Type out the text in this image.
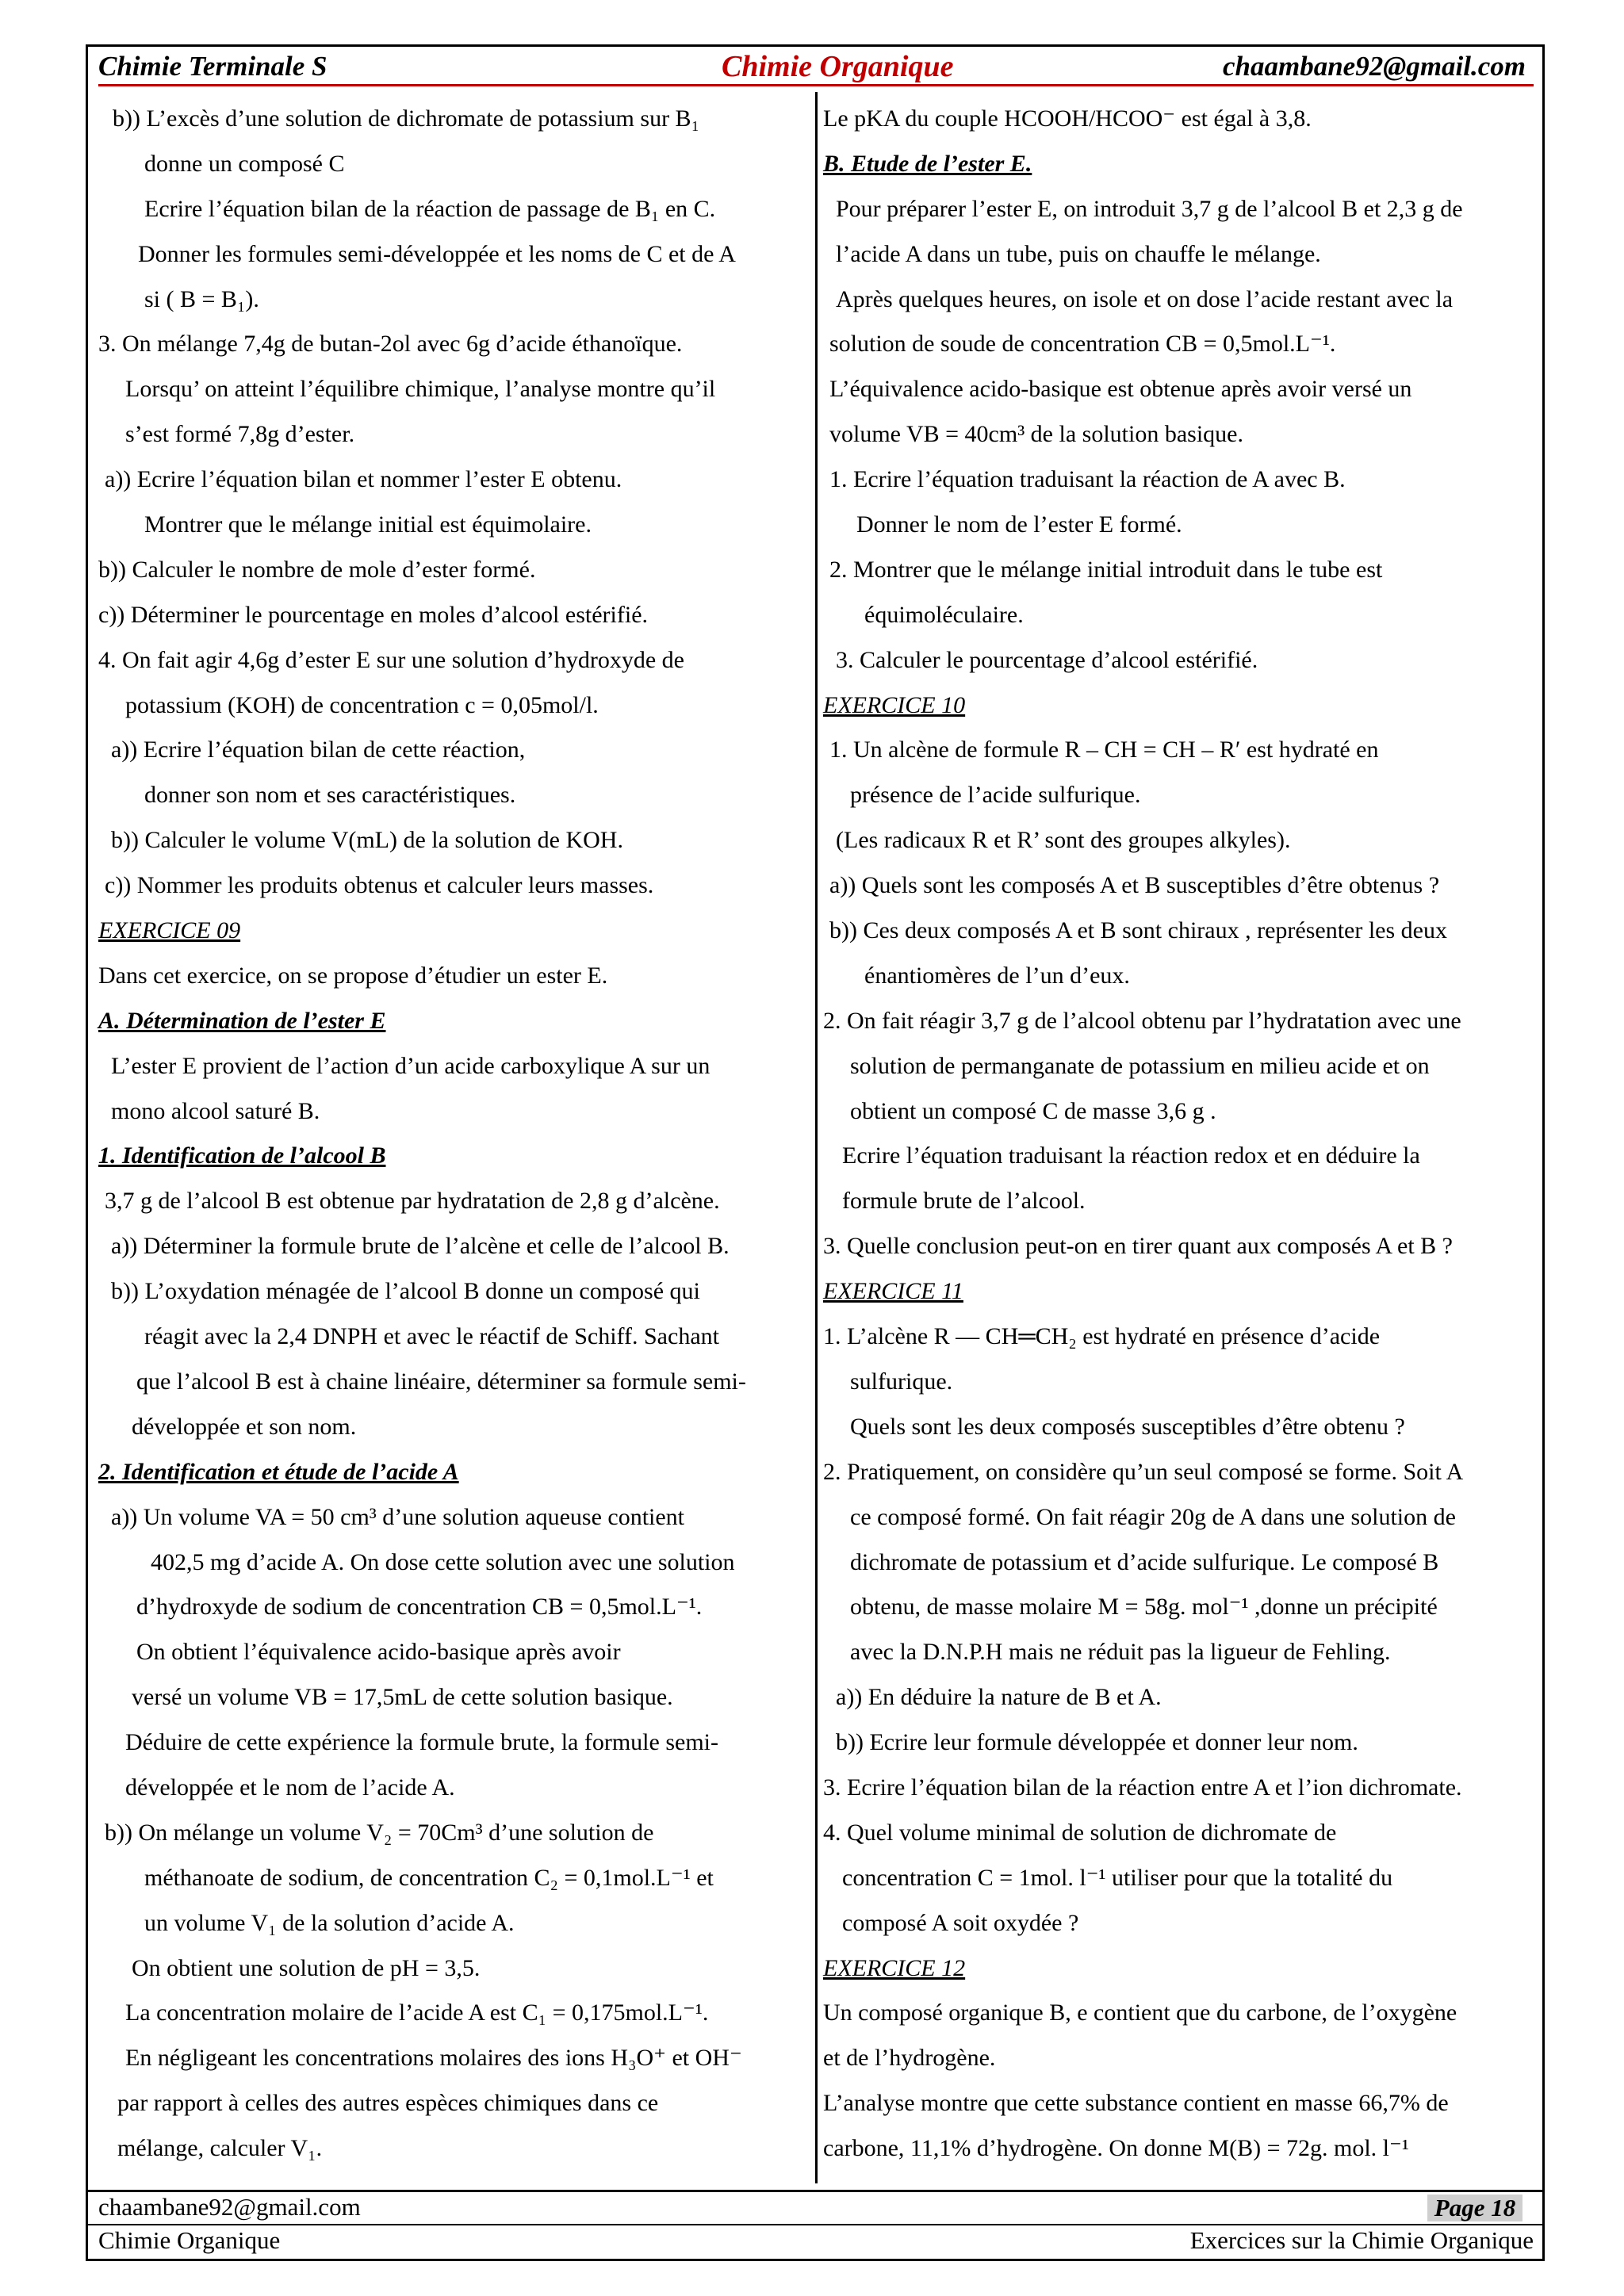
Chimie Terminale S	Chimie Organique	chaambane92@gmail.com
b)) L’excès d’une solution de dichromate de potassium sur B₁
donne un composé C
Ecrire l’équation bilan de la réaction de passage de B₁ en C.
Donner les formules semi-développée et les noms de C et de A
si ( B = B₁).
3. On mélange 7,4g de butan-2ol avec 6g d’acide éthanoïque.
Lorsqu’ on atteint l’équilibre chimique, l’analyse montre qu’il
s’est formé 7,8g d’ester.
a)) Ecrire l’équation bilan et nommer l’ester E obtenu.
Montrer que le mélange initial est équimolaire.
b)) Calculer le nombre de mole d’ester formé.
c)) Déterminer le pourcentage en moles d’alcool estérifié.
4. On fait agir 4,6g d’ester E sur une solution d’hydroxyde de
potassium (KOH) de concentration c = 0,05mol/l.
a)) Ecrire l’équation bilan de cette réaction,
donner son nom et ses caractéristiques.
b)) Calculer le volume V(mL) de la solution de KOH.
c)) Nommer les produits obtenus et calculer leurs masses.
EXERCICE 09
Dans cet exercice, on se propose d’étudier un ester E.
A. Détermination de l’ester E
L’ester E provient de l’action d’un acide carboxylique A sur un
mono alcool saturé B.
1. Identification de l’alcool B
3,7 g de l’alcool B est obtenue par hydratation de 2,8 g d’alcène.
a)) Déterminer la formule brute de l’alcène et celle de l’alcool B.
b)) L’oxydation ménagée de l’alcool B donne un composé qui
réagit avec la 2,4 DNPH et avec le réactif de Schiff. Sachant
que l’alcool B est à chaine linéaire, déterminer sa formule semi-
développée et son nom.
2. Identification et étude de l’acide A
a)) Un volume VA = 50 cm³ d’une solution aqueuse contient
402,5 mg d’acide A. On dose cette solution avec une solution
d’hydroxyde de sodium de concentration CB = 0,5mol.L⁻¹.
On obtient l’équivalence acido-basique après avoir
versé un volume VB = 17,5mL de cette solution basique.
Déduire de cette expérience la formule brute, la formule semi-
développée et le nom de l’acide A.
b)) On mélange un volume V₂ = 70Cm³ d’une solution de
méthanoate de sodium, de concentration C₂ = 0,1mol.L⁻¹ et
un volume V₁ de la solution d’acide A.
On obtient une solution de pH = 3,5.
La concentration molaire de l’acide A est C₁ = 0,175mol.L⁻¹.
En négligeant les concentrations molaires des ions H₃O⁺ et OH⁻
par rapport à celles des autres espèces chimiques dans ce
mélange, calculer V₁.
Le pKA du couple HCOOH/HCOO⁻ est égal à 3,8.
B. Etude de l’ester E.
Pour préparer l’ester E, on introduit 3,7 g de l’alcool B et 2,3 g de
l’acide A dans un tube, puis on chauffe le mélange.
Après quelques heures, on isole et on dose l’acide restant avec la
solution de soude de concentration CB = 0,5mol.L⁻¹.
L’équivalence acido-basique est obtenue après avoir versé un
volume VB = 40cm³ de la solution basique.
1. Ecrire l’équation traduisant la réaction de A avec B.
Donner le nom de l’ester E formé.
2. Montrer que le mélange initial introduit dans le tube est
équimoléculaire.
3. Calculer le pourcentage d’alcool estérifié.
EXERCICE 10
1. Un alcène de formule R – CH = CH – R′ est hydraté en
présence de l’acide sulfurique.
(Les radicaux R et R’ sont des groupes alkyles).
a)) Quels sont les composés A et B susceptibles d’être obtenus ?
b)) Ces deux composés A et B sont chiraux , représenter les deux
énantiomères de l’un d’eux.
2. On fait réagir 3,7 g de l’alcool obtenu par l’hydratation avec une
solution de permanganate de potassium en milieu acide et on
obtient un composé C de masse 3,6 g .
Ecrire l’équation traduisant la réaction redox et en déduire la
formule brute de l’alcool.
3. Quelle conclusion peut-on en tirer quant aux composés A et B ?
EXERCICE 11
1. L’alcène R — CH═CH₂ est hydraté en présence d’acide
sulfurique.
Quels sont les deux composés susceptibles d’être obtenu ?
2. Pratiquement, on considère qu’un seul composé se forme. Soit A
ce composé formé. On fait réagir 20g de A dans une solution de
dichromate de potassium et d’acide sulfurique. Le composé B
obtenu, de masse molaire M = 58g. mol⁻¹ ,donne un précipité
avec la D.N.P.H mais ne réduit pas la ligueur de Fehling.
a)) En déduire la nature de B et A.
b)) Ecrire leur formule développée et donner leur nom.
3. Ecrire l’équation bilan de la réaction entre A et l’ion dichromate.
4. Quel volume minimal de solution de dichromate de
concentration C = 1mol. l⁻¹ utiliser pour que la totalité du
composé A soit oxydée ?
EXERCICE 12
Un composé organique B, e contient que du carbone, de l’oxygène
et de l’hydrogène.
L’analyse montre que cette substance contient en masse 66,7% de
carbone, 11,1% d’hydrogène. On donne M(B) = 72g. mol. l⁻¹
chaambane92@gmail.com	Page 18
Chimie Organique	Exercices sur la Chimie Organique
